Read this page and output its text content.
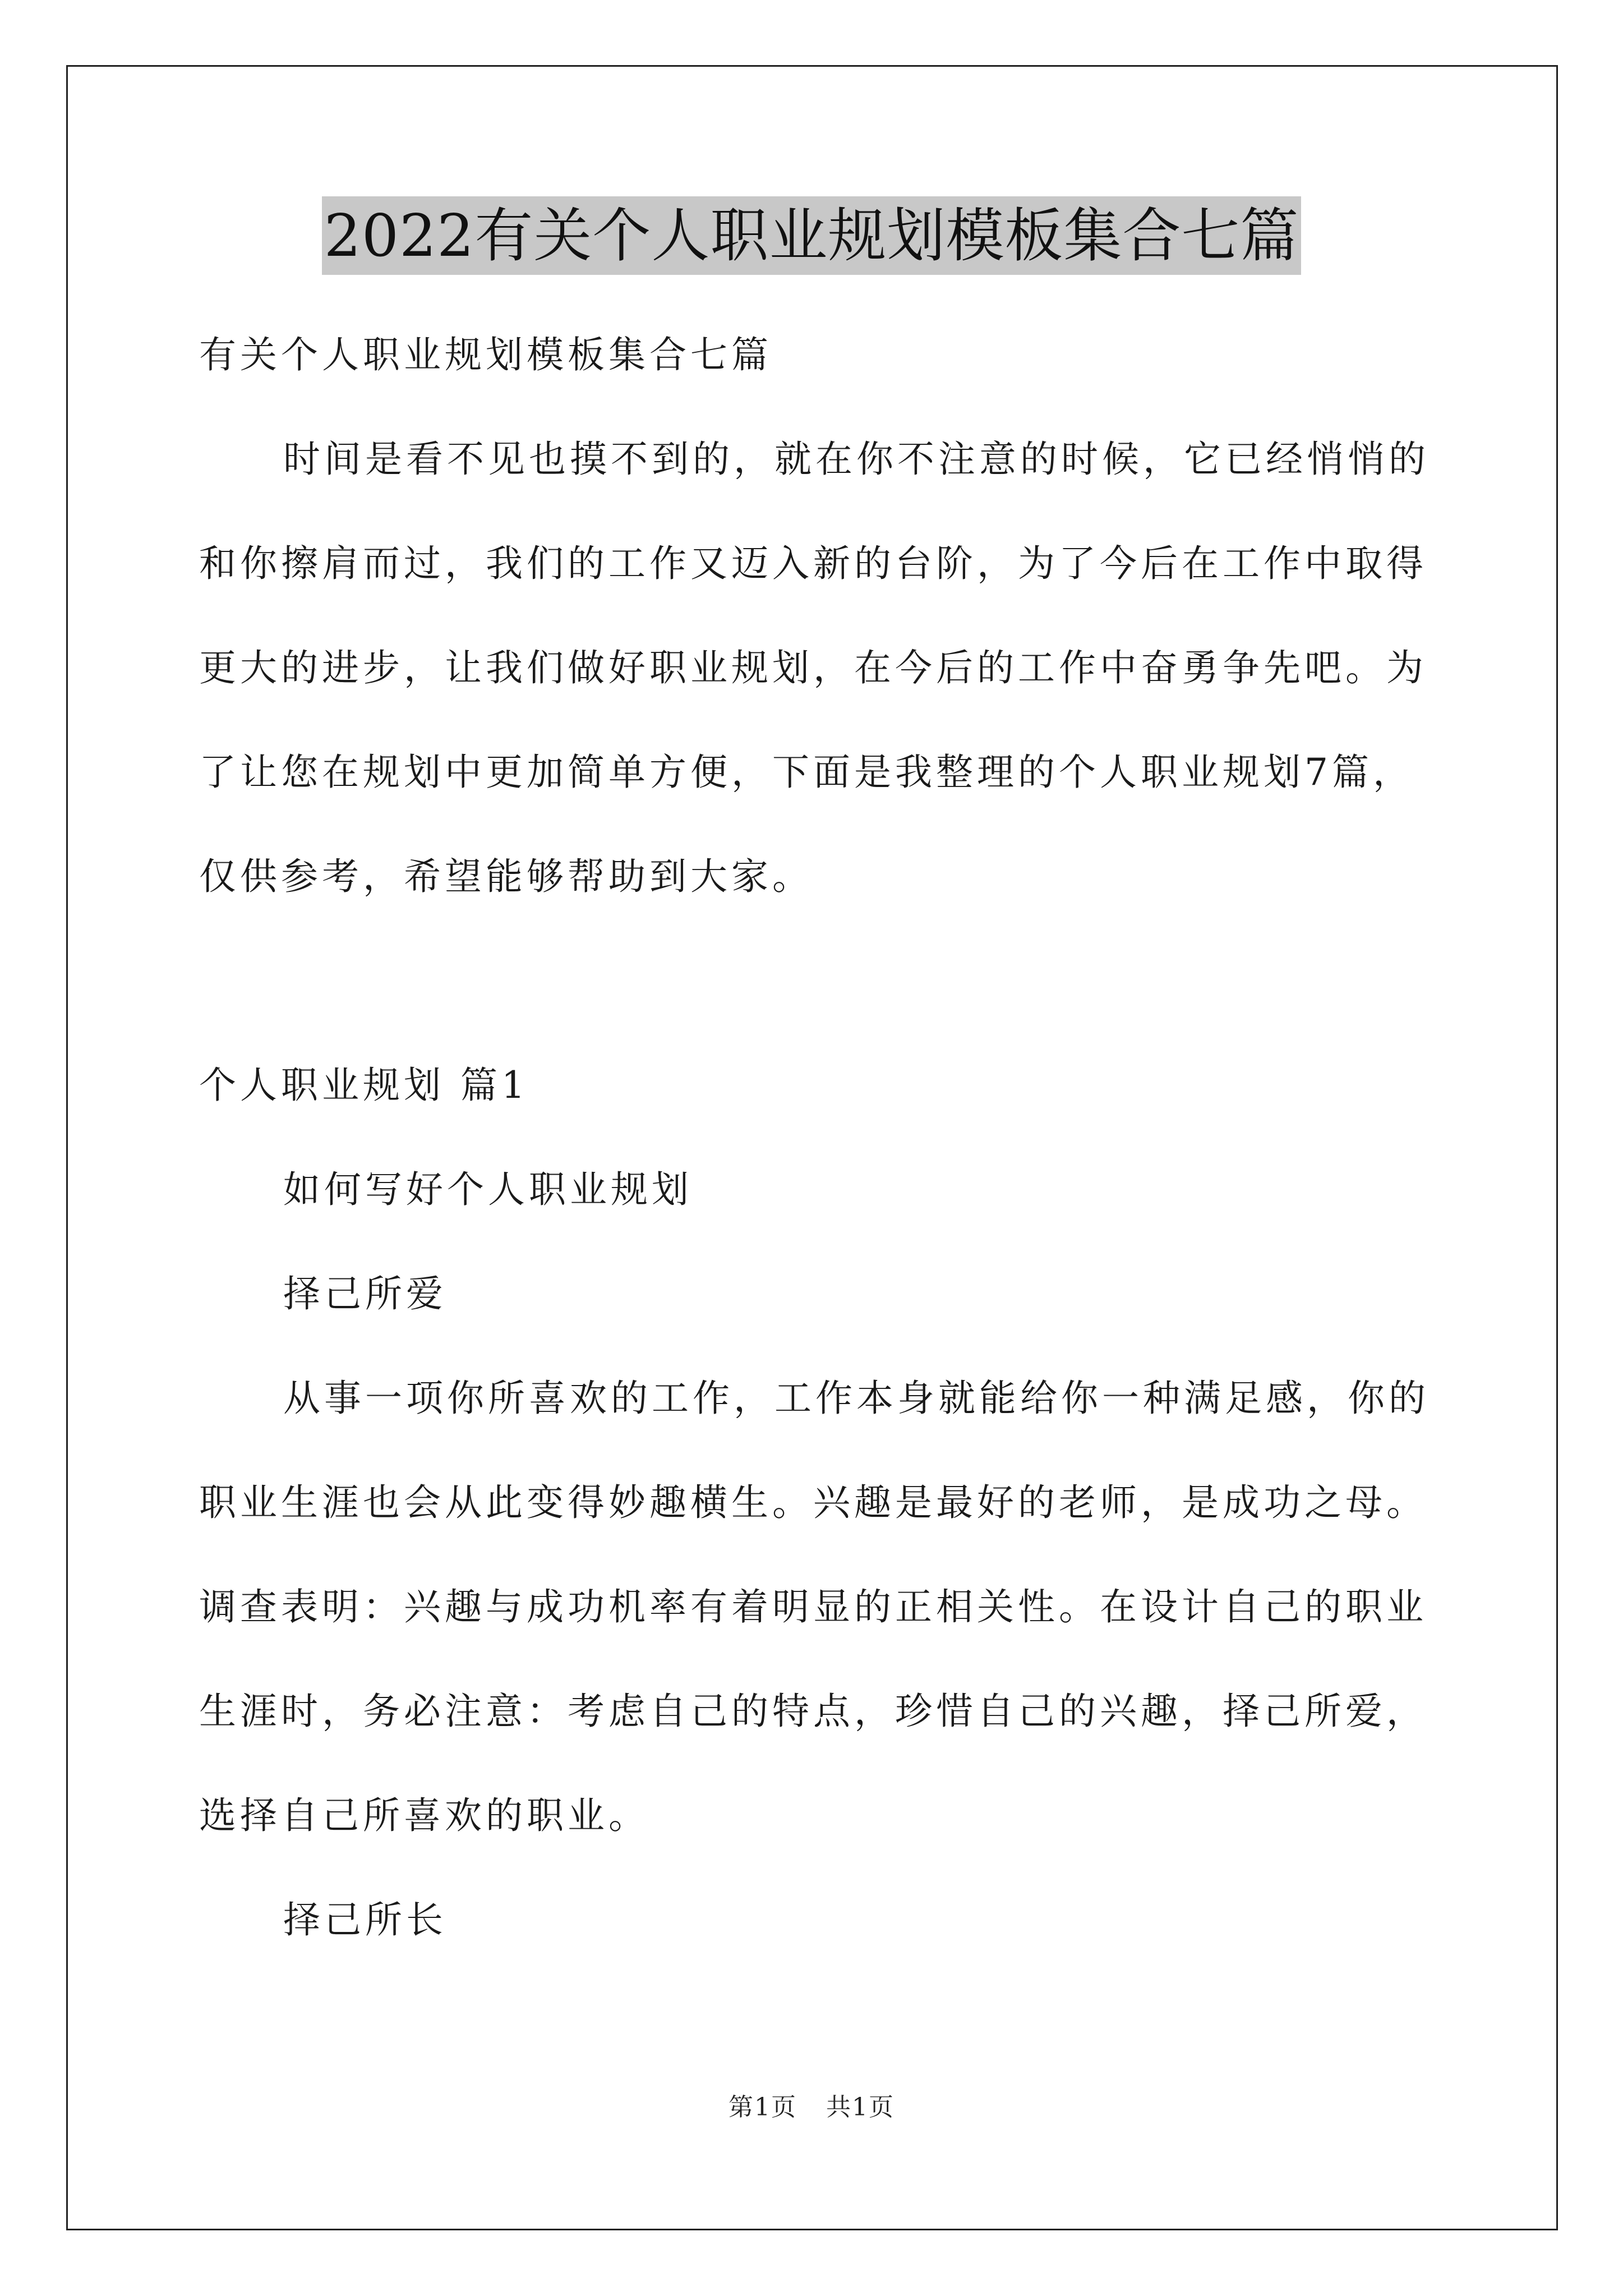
2022有关个人职业规划模板集合七篇
有关个人职业规划模板集合七篇
时间是看不见也摸不到的，就在你不注意的时候，它已经悄悄的
和你擦肩而过，我们的工作又迈入新的台阶，为了今后在工作中取得
更大的进步，让我们做好职业规划，在今后的工作中奋勇争先吧。为
了让您在规划中更加简单方便，下面是我整理的个人职业规划7篇，
仅供参考，希望能够帮助到大家。
个人职业规划 篇1
如何写好个人职业规划
择己所爱
从事一项你所喜欢的工作，工作本身就能给你一种满足感，你的
职业生涯也会从此变得妙趣横生。兴趣是最好的老师，是成功之母。
调查表明：兴趣与成功机率有着明显的正相关性。在设计自己的职业
生涯时，务必注意：考虑自己的特点，珍惜自己的兴趣，择己所爱，
选择自己所喜欢的职业。
择己所长
第1页 共1页
